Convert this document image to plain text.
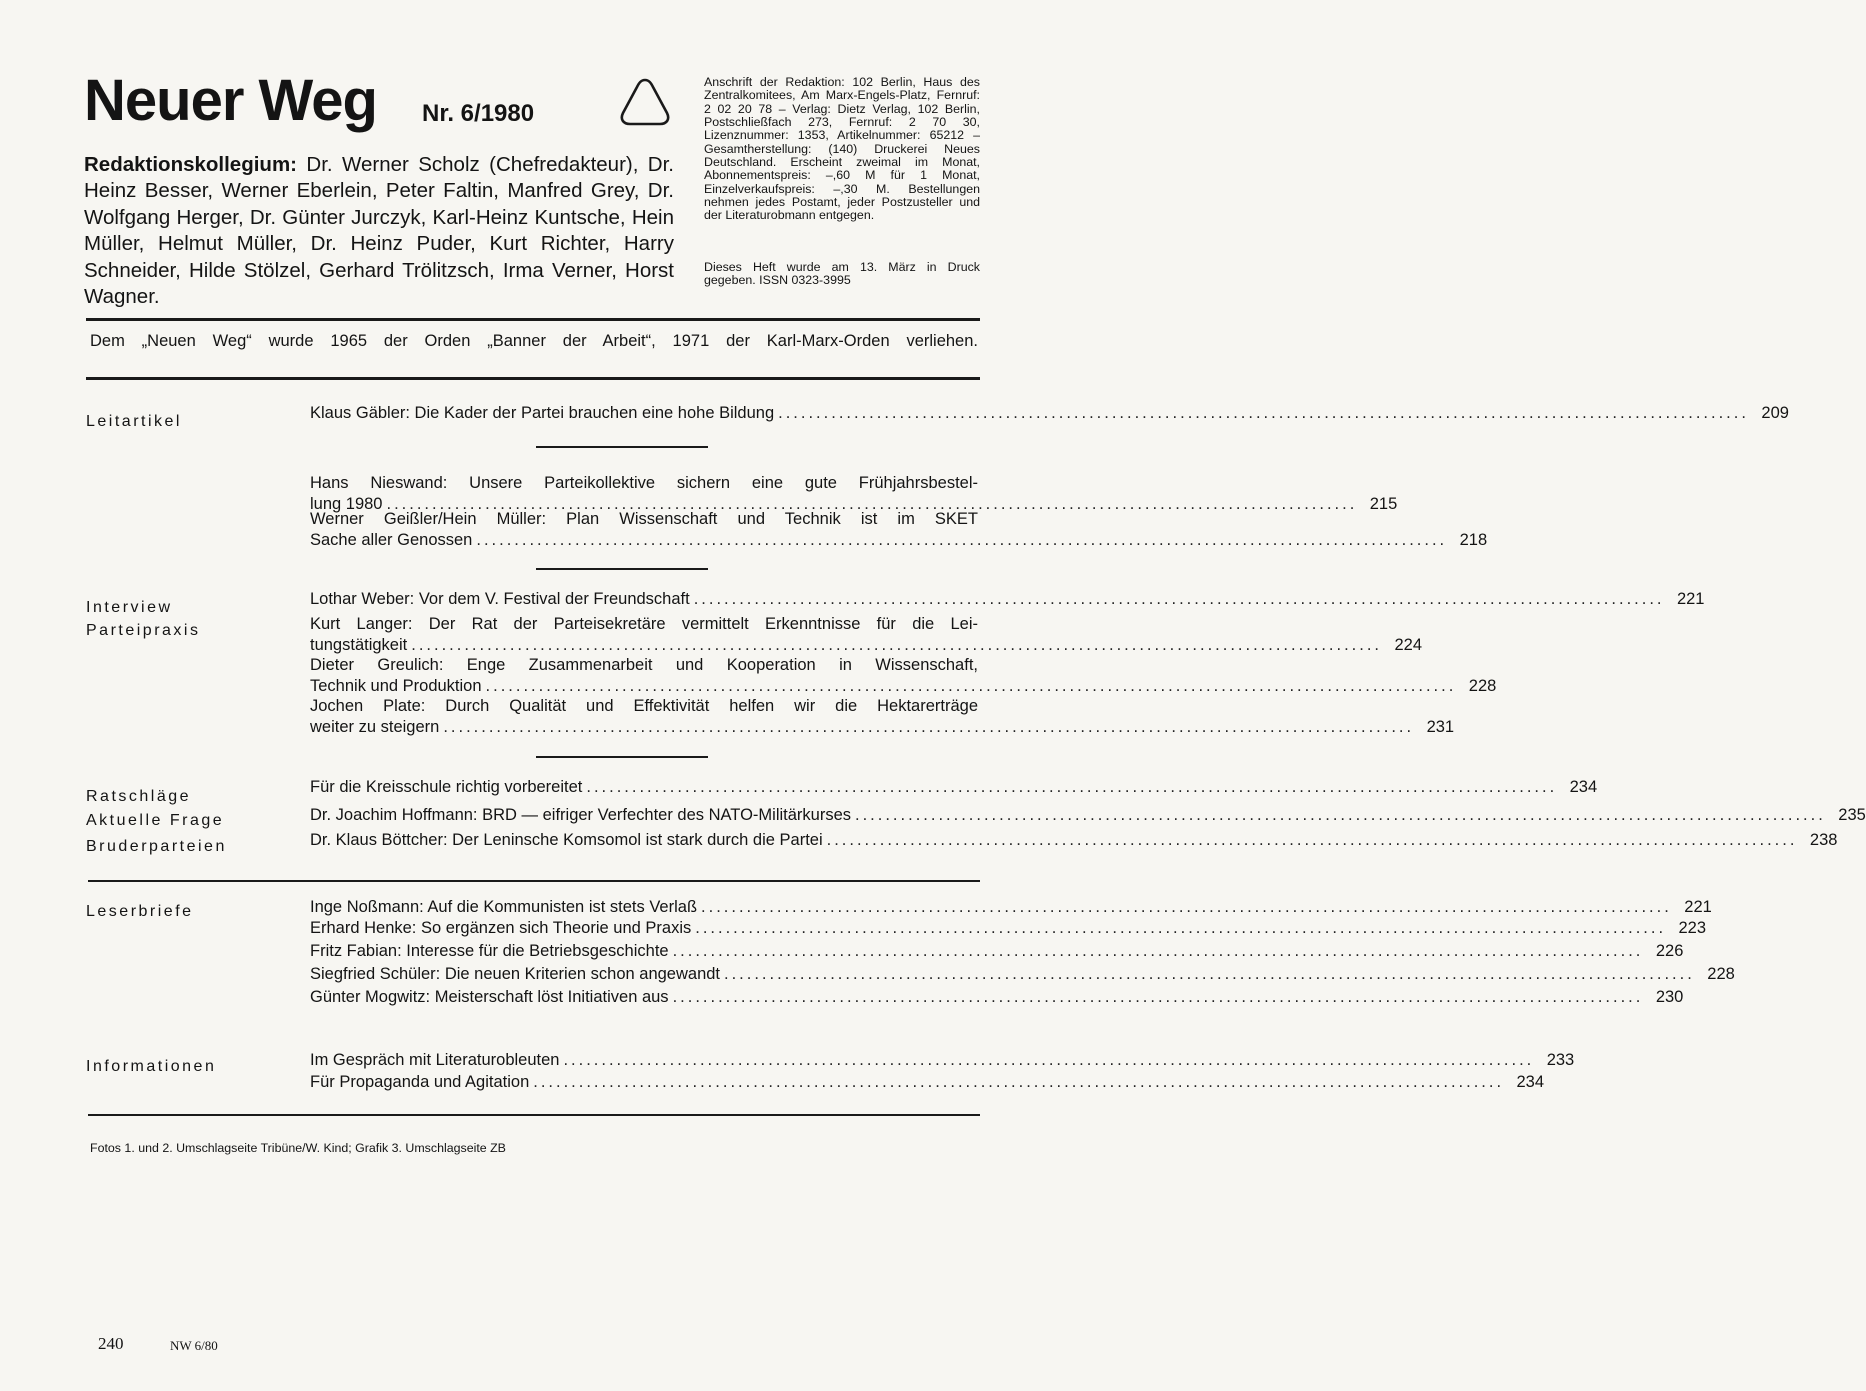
Neuer Weg Nr. 6/1980
Redaktionskollegium: Dr. Werner Scholz (Chefredakteur), Dr. Heinz Besser, Werner Eberlein, Peter Faltin, Manfred Grey, Dr. Wolfgang Herger, Dr. Günter Jurczyk, Karl-Heinz Kuntsche, Hein Müller, Helmut Müller, Dr. Heinz Puder, Kurt Richter, Harry Schneider, Hilde Stölzel, Gerhard Trölitzsch, Irma Verner, Horst Wagner.
Anschrift der Redaktion: 102 Berlin, Haus des Zentralkomitees, Am Marx-Engels-Platz, Fernruf: 2 02 20 78 – Verlag: Dietz Verlag, 102 Berlin, Postschließfach 273, Fernruf: 2 70 30, Lizenznummer: 1353, Artikelnummer: 65212 – Gesamtherstellung: (140) Druckerei Neues Deutschland. Erscheint zweimal im Monat, Abonnementspreis: –,60 M für 1 Monat, Einzelverkaufspreis: –,30 M. Bestellungen nehmen jedes Postamt, jeder Postzusteller und der Literaturobmann entgegen.
Dieses Heft wurde am 13. März in Druck gegeben. ISSN 0323-3995
Dem „Neuen Weg“ wurde 1965 der Orden „Banner der Arbeit“, 1971 der Karl-Marx-Orden verliehen.
Leitartikel
Interview
Parteipraxis
Ratschläge
Aktuelle Frage
Bruderparteien
Leserbriefe
Informationen
Klaus Gäbler: Die Kader der Partei brauchen eine hohe Bildung ................................................................................................................................ 209
Hans Nieswand: Unsere Parteikollektive sichern eine gute Frühjahrsbestel-
lung 1980 ................................................................................................................................ 215
Werner Geißler/Hein Müller: Plan Wissenschaft und Technik ist im SKET
Sache aller Genossen ................................................................................................................................ 218
Lothar Weber: Vor dem V. Festival der Freundschaft ................................................................................................................................ 221
Kurt Langer: Der Rat der Parteisekretäre vermittelt Erkenntnisse für die Lei-
tungstätigkeit ................................................................................................................................ 224
Dieter Greulich: Enge Zusammenarbeit und Kooperation in Wissenschaft,
Technik und Produktion ................................................................................................................................ 228
Jochen Plate: Durch Qualität und Effektivität helfen wir die Hektarerträge
weiter zu steigern ................................................................................................................................ 231
Für die Kreisschule richtig vorbereitet ................................................................................................................................ 234
Dr. Joachim Hoffmann: BRD — eifriger Verfechter des NATO-Militärkurses ................................................................................................................................ 235
Dr. Klaus Böttcher: Der Leninsche Komsomol ist stark durch die Partei ................................................................................................................................ 238
Inge Noßmann: Auf die Kommunisten ist stets Verlaß ................................................................................................................................ 221
Erhard Henke: So ergänzen sich Theorie und Praxis ................................................................................................................................ 223
Fritz Fabian: Interesse für die Betriebsgeschichte ................................................................................................................................ 226
Siegfried Schüler: Die neuen Kriterien schon angewandt ................................................................................................................................ 228
Günter Mogwitz: Meisterschaft löst Initiativen aus ................................................................................................................................ 230
Im Gespräch mit Literaturobleuten ................................................................................................................................ 233
Für Propaganda und Agitation ................................................................................................................................ 234
Fotos 1. und 2. Umschlagseite Tribüne/W. Kind; Grafik 3. Umschlagseite ZB
240	NW 6/80
